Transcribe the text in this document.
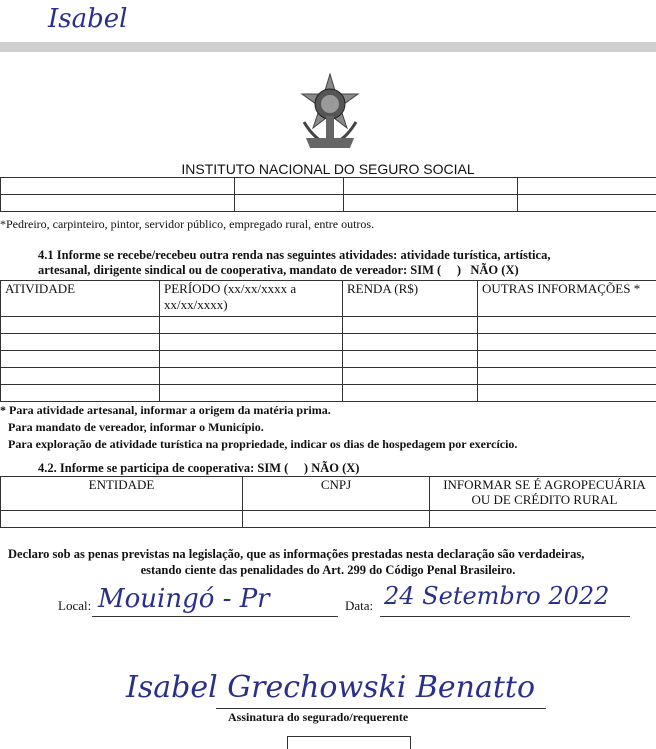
Isabel
INSTITUTO NACIONAL DO SEGURO SOCIAL

*Pedreiro, carpinteiro, pintor, servidor público, empregado rural, entre outros.
4.1 Informe se recebe/recebeu outra renda nas seguintes atividades: atividade turística, artística,
artesanal, dirigente sindical ou de cooperativa, mandato de vereador: SIM (     )   NÃO (X)
ATIVIDADE	PERÍODO (xx/xx/xxxx a xx/xx/xxxx)	RENDA (R$)	OUTRAS INFORMAÇÕES *

* Para atividade artesanal, informar a origem da matéria prima.
Para mandato de vereador, informar o Município.
Para exploração de atividade turística na propriedade, indicar os dias de hospedagem por exercício.
4.2. Informe se participa de cooperativa: SIM (     ) NÃO (X)
ENTIDADE	CNPJ	INFORMAR SE É AGROPECUÁRIA OU DE CRÉDITO RURAL

Declaro sob as penas previstas na legislação, que as informações prestadas nesta declaração são verdadeiras,
estando ciente das penalidades do Art. 299 do Código Penal Brasileiro.
Local: Mouingó - Pr	Data: 24 Setembro 2022
Isabel Grechowski Benatto
Assinatura do segurado/requerente
